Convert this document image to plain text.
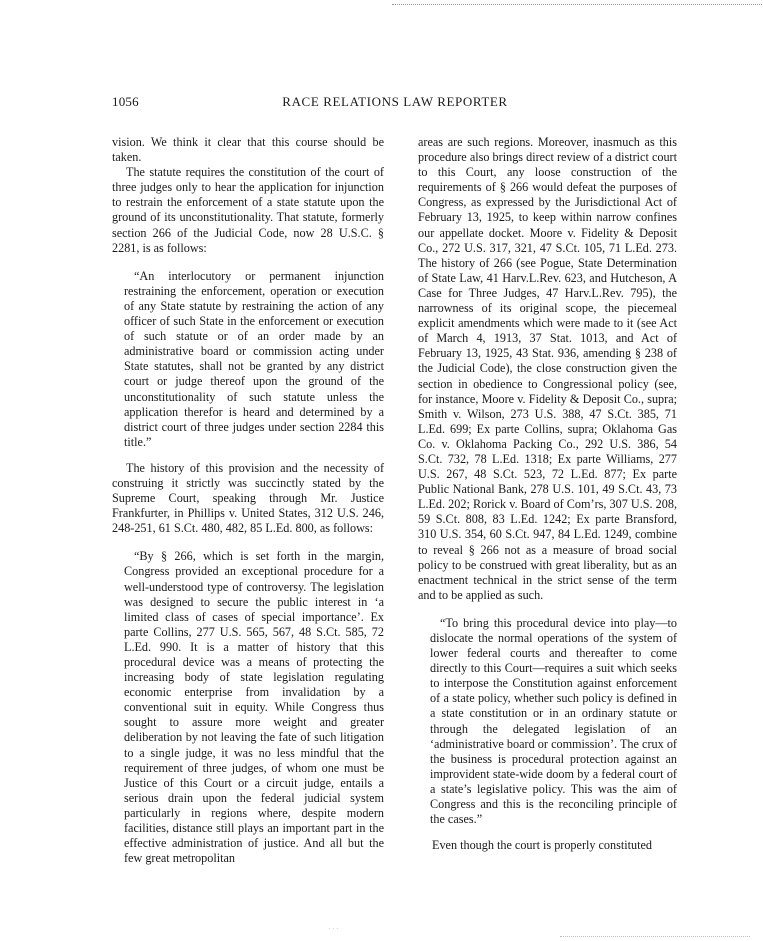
1056	RACE RELATIONS LAW REPORTER

vision. We think it clear that this course should be taken.

The statute requires the constitution of the court of three judges only to hear the application for injunction to restrain the enforcement of a state statute upon the ground of its unconstitutionality. That statute, formerly section 266 of the Judicial Code, now 28 U.S.C. § 2281, is as follows:

“An interlocutory or permanent injunction restraining the enforcement, operation or execution of any State statute by restraining the action of any officer of such State in the enforcement or execution of such statute or of an order made by an administrative board or commission acting under State statutes, shall not be granted by any district court or judge thereof upon the ground of the unconstitutionality of such statute unless the application therefor is heard and determined by a district court of three judges under section 2284 this title.”

The history of this provision and the necessity of construing it strictly was succinctly stated by the Supreme Court, speaking through Mr. Justice Frankfurter, in Phillips v. United States, 312 U.S. 246, 248-251, 61 S.Ct. 480, 482, 85 L.Ed. 800, as follows:

“By § 266, which is set forth in the margin, Congress provided an exceptional procedure for a well-understood type of controversy. The legislation was designed to secure the public interest in ‘a limited class of cases of special importance’. Ex parte Collins, 277 U.S. 565, 567, 48 S.Ct. 585, 72 L.Ed. 990. It is a matter of history that this procedural device was a means of protecting the increasing body of state legislation regulating economic enterprise from invalidation by a conventional suit in equity. While Congress thus sought to assure more weight and greater deliberation by not leaving the fate of such litigation to a single judge, it was no less mindful that the requirement of three judges, of whom one must be Justice of this Court or a circuit judge, entails a serious drain upon the federal judicial system particularly in regions where, despite modern facilities, distance still plays an important part in the effective administration of justice. And all but the few great metropolitan

areas are such regions. Moreover, inasmuch as this procedure also brings direct review of a district court to this Court, any loose construction of the requirements of § 266 would defeat the purposes of Congress, as expressed by the Jurisdictional Act of February 13, 1925, to keep within narrow confines our appellate docket. Moore v. Fidelity & Deposit Co., 272 U.S. 317, 321, 47 S.Ct. 105, 71 L.Ed. 273. The history of 266 (see Pogue, State Determination of State Law, 41 Harv.L.Rev. 623, and Hutcheson, A Case for Three Judges, 47 Harv.L.Rev. 795), the narrowness of its original scope, the piecemeal explicit amendments which were made to it (see Act of March 4, 1913, 37 Stat. 1013, and Act of February 13, 1925, 43 Stat. 936, amending § 238 of the Judicial Code), the close construction given the section in obedience to Congressional policy (see, for instance, Moore v. Fidelity & Deposit Co., supra; Smith v. Wilson, 273 U.S. 388, 47 S.Ct. 385, 71 L.Ed. 699; Ex parte Collins, supra; Oklahoma Gas Co. v. Oklahoma Packing Co., 292 U.S. 386, 54 S.Ct. 732, 78 L.Ed. 1318; Ex parte Williams, 277 U.S. 267, 48 S.Ct. 523, 72 L.Ed. 877; Ex parte Public National Bank, 278 U.S. 101, 49 S.Ct. 43, 73 L.Ed. 202; Rorick v. Board of Com’rs, 307 U.S. 208, 59 S.Ct. 808, 83 L.Ed. 1242; Ex parte Bransford, 310 U.S. 354, 60 S.Ct. 947, 84 L.Ed. 1249, combine to reveal § 266 not as a measure of broad social policy to be construed with great liberality, but as an enactment technical in the strict sense of the term and to be applied as such.

“To bring this procedural device into play—to dislocate the normal operations of the system of lower federal courts and thereafter to come directly to this Court—requires a suit which seeks to interpose the Constitution against enforcement of a state policy, whether such policy is defined in a state constitution or in an ordinary statute or through the delegated legislation of an ‘administrative board or commission’. The crux of the business is procedural protection against an improvident state-wide doom by a federal court of a state’s legislative policy. This was the aim of Congress and this is the reconciling principle of the cases.”

Even though the court is properly constituted

· · ·
